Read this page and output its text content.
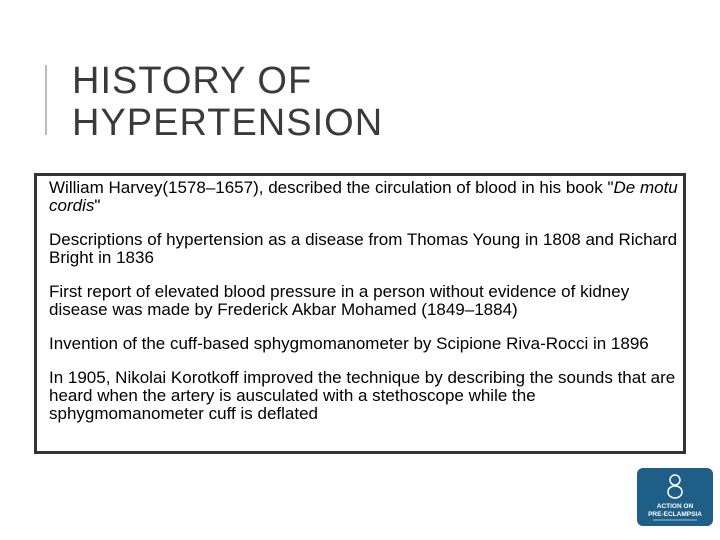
HISTORY OF
HYPERTENSION
William Harvey(1578–1657), described the circulation of blood in his book "De motu cordis"
Descriptions of hypertension as a disease from Thomas Young in 1808 and Richard Bright in 1836
First report of elevated blood pressure in a person without evidence of kidney disease was made by Frederick Akbar Mohamed (1849–1884)
Invention of the cuff-based sphygmomanometer by Scipione Riva-Rocci in 1896
In 1905, Nikolai Korotkoff improved the technique by describing the sounds that are heard when the artery is ausculated with a stethoscope while the sphygmomanometer cuff is deflated
ACTION ON
PRE-ECLAMPSIA
